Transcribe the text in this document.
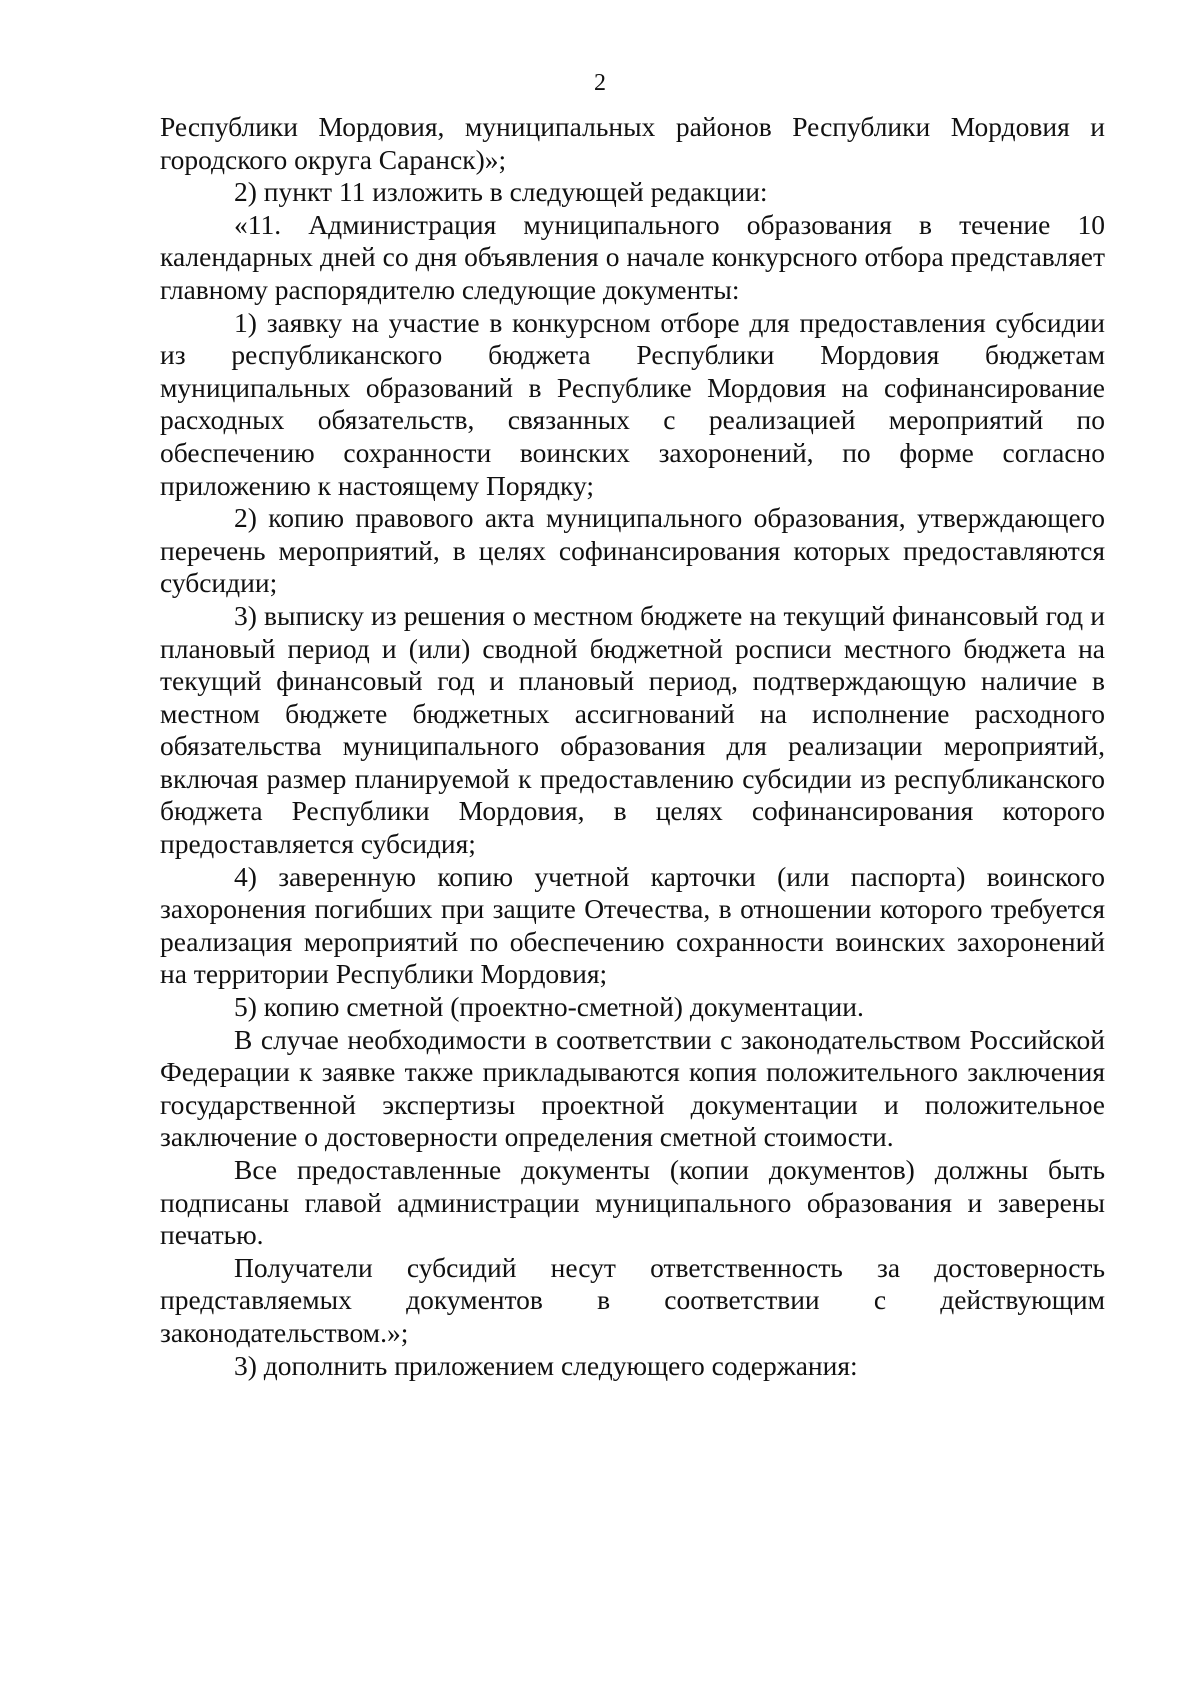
2

Республики Мордовия, муниципальных районов Республики Мордовия и городского округа Саранск)»;

2) пункт 11 изложить в следующей редакции:

«11. Администрация муниципального образования в течение 10 календарных дней со дня объявления о начале конкурсного отбора представляет главному распорядителю следующие документы:

1) заявку на участие в конкурсном отборе для предоставления субсидии из республиканского бюджета Республики Мордовия бюджетам муниципальных образований в Республике Мордовия на софинансирование расходных обязательств, связанных с реализацией мероприятий по обеспечению сохранности воинских захоронений, по форме согласно приложению к настоящему Порядку;

2) копию правового акта муниципального образования, утверждающего перечень мероприятий, в целях софинансирования которых предоставляются субсидии;

3) выписку из решения о местном бюджете на текущий финансовый год и плановый период и (или) сводной бюджетной росписи местного бюджета на текущий финансовый год и плановый период, подтверждающую наличие в местном бюджете бюджетных ассигнований на исполнение расходного обязательства муниципального образования для реализации мероприятий, включая размер планируемой к предоставлению субсидии из республиканского бюджета Республики Мордовия, в целях софинансирования которого предоставляется субсидия;

4) заверенную копию учетной карточки (или паспорта) воинского захоронения погибших при защите Отечества, в отношении которого требуется реализация мероприятий по обеспечению сохранности воинских захоронений на территории Республики Мордовия;

5) копию сметной (проектно-сметной) документации.

В случае необходимости в соответствии с законодательством Российской Федерации к заявке также прикладываются копия положительного заключения государственной экспертизы проектной документации и положительное заключение о достоверности определения сметной стоимости.

Все предоставленные документы (копии документов) должны быть подписаны главой администрации муниципального образования и заверены печатью.

Получатели субсидий несут ответственность за достоверность представляемых документов в соответствии с действующим законодательством.»;

3) дополнить приложением следующего содержания:
